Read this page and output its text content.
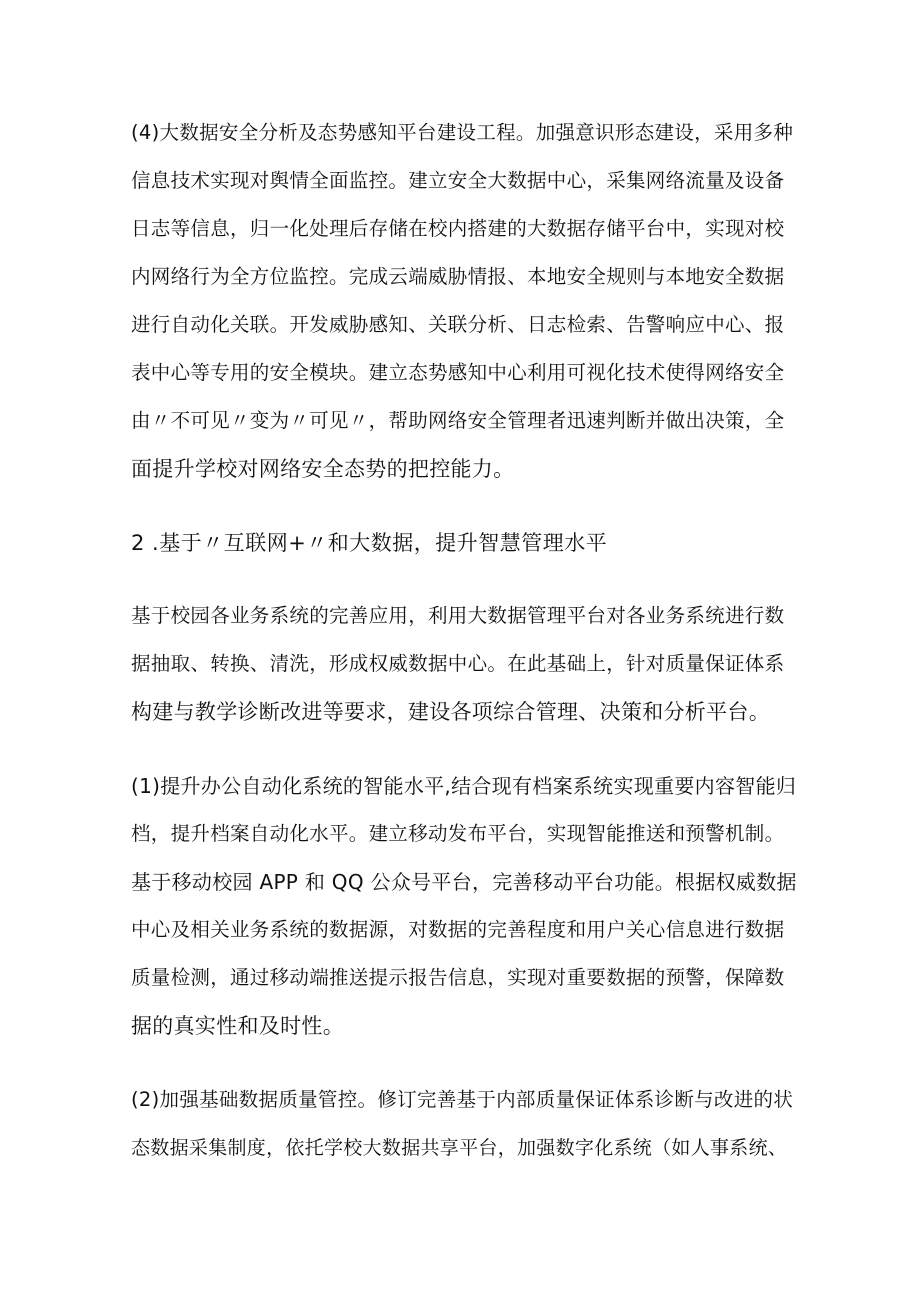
(4)大数据安全分析及态势感知平台建设工程。加强意识形态建设，采用多种

信息技术实现对舆情全面监控。建立安全大数据中心，采集网络流量及设备

日志等信息，归一化处理后存储在校内搭建的大数据存储平台中，实现对校

内网络行为全方位监控。完成云端威胁情报、本地安全规则与本地安全数据

进行自动化关联。开发威胁感知、关联分析、日志检索、告警响应中心、报

表中心等专用的安全模块。建立态势感知中心利用可视化技术使得网络安全

由〃不可见〃变为〃可见〃，帮助网络安全管理者迅速判断并做出决策，全

面提升学校对网络安全态势的把控能力。

2 .基于〃互联网+〃和大数据，提升智慧管理水平

基于校园各业务系统的完善应用，利用大数据管理平台对各业务系统进行数

据抽取、转换、清洗，形成权威数据中心。在此基础上，针对质量保证体系

构建与教学诊断改进等要求，建设各项综合管理、决策和分析平台。

(1)提升办公自动化系统的智能水平,结合现有档案系统实现重要内容智能归

档，提升档案自动化水平。建立移动发布平台，实现智能推送和预警机制。

基于移动校园 APP 和 QQ 公众号平台，完善移动平台功能。根据权威数据

中心及相关业务系统的数据源，对数据的完善程度和用户关心信息进行数据

质量检测，通过移动端推送提示报告信息，实现对重要数据的预警，保障数

据的真实性和及时性。

(2)加强基础数据质量管控。修订完善基于内部质量保证体系诊断与改进的状

态数据采集制度，依托学校大数据共享平台，加强数字化系统（如人事系统、
